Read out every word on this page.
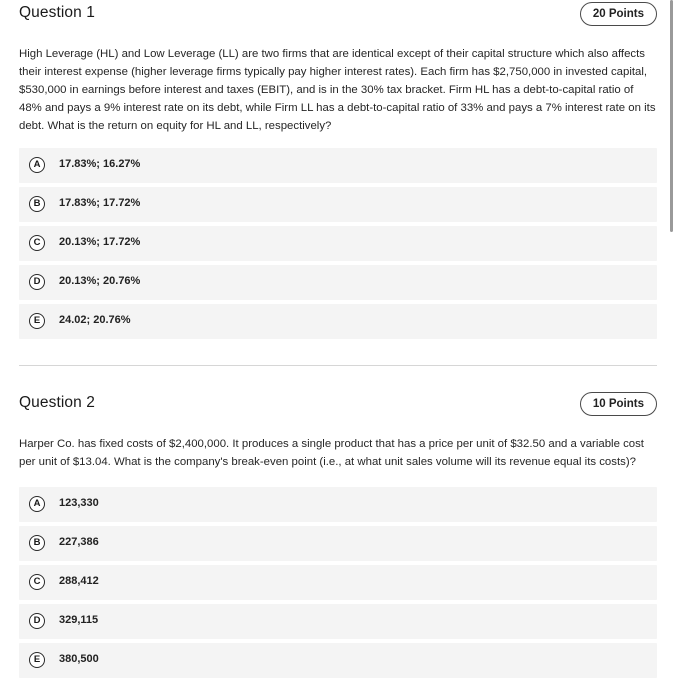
Question 1	20 Points

High Leverage (HL) and Low Leverage (LL) are two firms that are identical except of their capital structure which also affects their interest expense (higher leverage firms typically pay higher interest rates). Each firm has $2,750,000 in invested capital, $530,000 in earnings before interest and taxes (EBIT), and is in the 30% tax bracket. Firm HL has a debt-to-capital ratio of 48% and pays a 9% interest rate on its debt, while Firm LL has a debt-to-capital ratio of 33% and pays a 7% interest rate on its debt. What is the return on equity for HL and LL, respectively?

A	17.83%; 16.27%
B	17.83%; 17.72%
C	20.13%; 17.72%
D	20.13%; 20.76%
E	24.02; 20.76%
Question 2	10 Points

Harper Co. has fixed costs of $2,400,000. It produces a single product that has a price per unit of $32.50 and a variable cost per unit of $13.04. What is the company's break-even point (i.e., at what unit sales volume will its revenue equal its costs)?

A	123,330
B	227,386
C	288,412
D	329,115
E	380,500
